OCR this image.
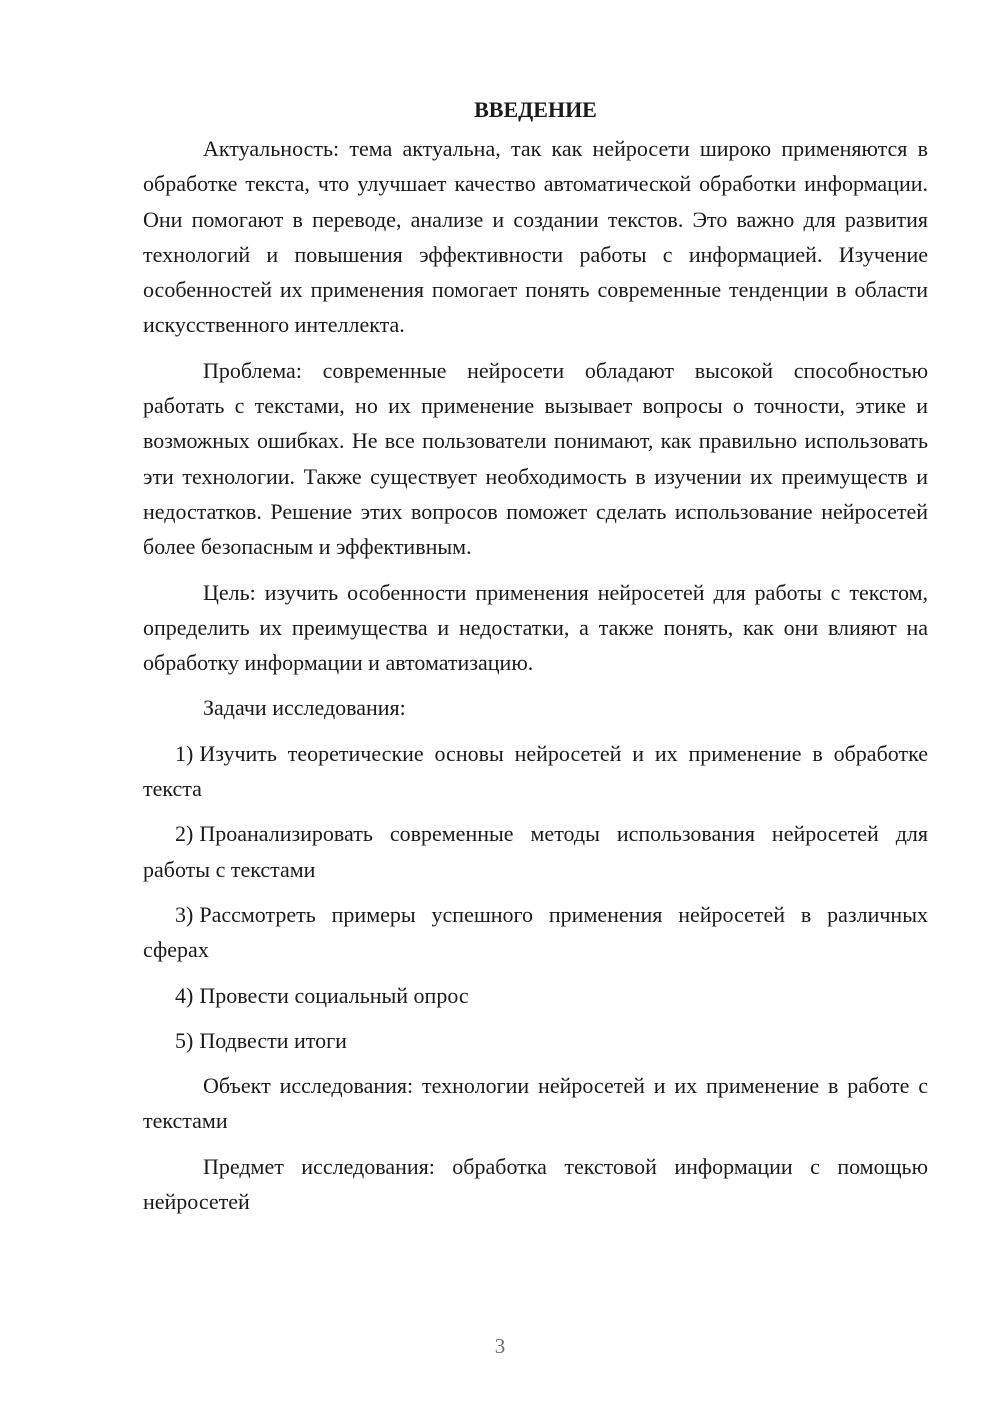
ВВЕДЕНИЕ

Актуальность: тема актуальна, так как нейросети широко применяются в обработке текста, что улучшает качество автоматической обработки информации. Они помогают в переводе, анализе и создании текстов. Это важно для развития технологий и повышения эффективности работы с информацией. Изучение особенностей их применения помогает понять современные тенденции в области искусственного интеллекта.

Проблема: современные нейросети обладают высокой способностью работать с текстами, но их применение вызывает вопросы о точности, этике и возможных ошибках. Не все пользователи понимают, как правильно использовать эти технологии. Также существует необходимость в изучении их преимуществ и недостатков. Решение этих вопросов поможет сделать использование нейросетей более безопасным и эффективным.

Цель: изучить особенности применения нейросетей для работы с текстом, определить их преимущества и недостатки, а также понять, как они влияют на обработку информации и автоматизацию.

Задачи исследования:

1) Изучить теоретические основы нейросетей и их применение в обработке текста

2) Проанализировать современные методы использования нейросетей для работы с текстами

3) Рассмотреть примеры успешного применения нейросетей в различных сферах

4) Провести социальный опрос

5) Подвести итоги

Объект исследования: технологии нейросетей и их применение в работе с текстами

Предмет исследования: обработка текстовой информации с помощью нейросетей

3
